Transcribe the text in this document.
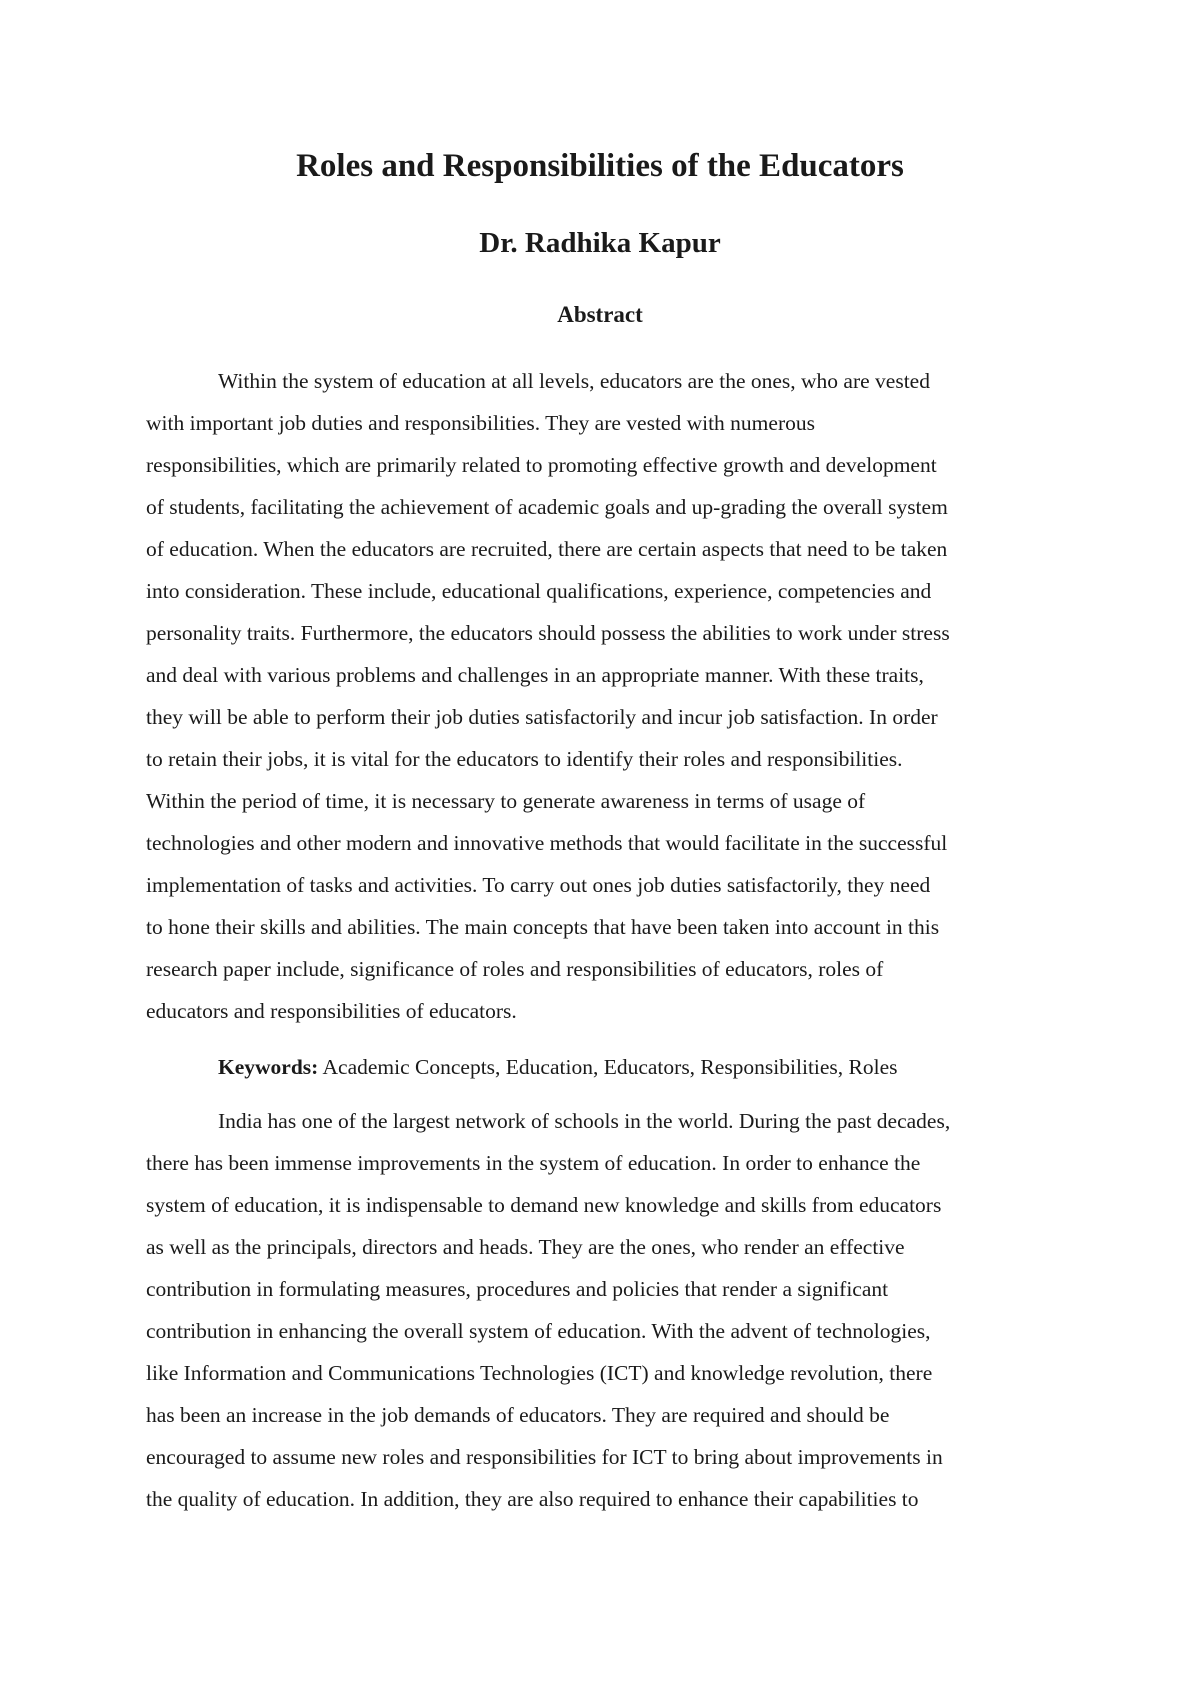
Roles and Responsibilities of the Educators
Dr. Radhika Kapur
Abstract

Within the system of education at all levels, educators are the ones, who are vested
with important job duties and responsibilities. They are vested with numerous
responsibilities, which are primarily related to promoting effective growth and development
of students, facilitating the achievement of academic goals and up-grading the overall system
of education. When the educators are recruited, there are certain aspects that need to be taken
into consideration. These include, educational qualifications, experience, competencies and
personality traits. Furthermore, the educators should possess the abilities to work under stress
and deal with various problems and challenges in an appropriate manner. With these traits,
they will be able to perform their job duties satisfactorily and incur job satisfaction. In order
to retain their jobs, it is vital for the educators to identify their roles and responsibilities.
Within the period of time, it is necessary to generate awareness in terms of usage of
technologies and other modern and innovative methods that would facilitate in the successful
implementation of tasks and activities. To carry out ones job duties satisfactorily, they need
to hone their skills and abilities. The main concepts that have been taken into account in this
research paper include, significance of roles and responsibilities of educators, roles of
educators and responsibilities of educators.

Keywords: Academic Concepts, Education, Educators, Responsibilities, Roles

India has one of the largest network of schools in the world. During the past decades,
there has been immense improvements in the system of education. In order to enhance the
system of education, it is indispensable to demand new knowledge and skills from educators
as well as the principals, directors and heads. They are the ones, who render an effective
contribution in formulating measures, procedures and policies that render a significant
contribution in enhancing the overall system of education. With the advent of technologies,
like Information and Communications Technologies (ICT) and knowledge revolution, there
has been an increase in the job demands of educators. They are required and should be
encouraged to assume new roles and responsibilities for ICT to bring about improvements in
the quality of education. In addition, they are also required to enhance their capabilities to
